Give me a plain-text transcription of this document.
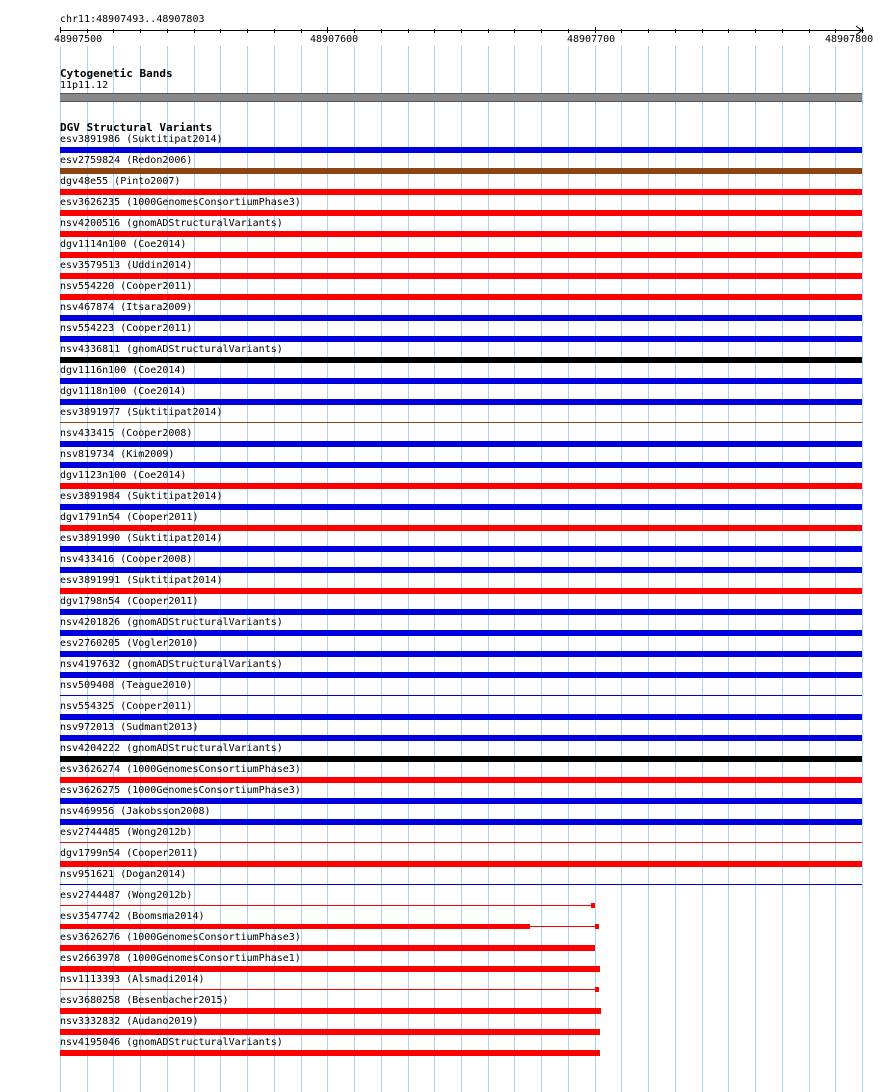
chr11:48907493..48907803
48907500	48907600	48907700	48907800
Cytogenetic Bands
11p11.12
DGV Structural Variants
esv3891986 (Suktitipat2014)
esv2759824 (Redon2006)
dgv48e55 (Pinto2007)
esv3626235 (1000GenomesConsortiumPhase3)
nsv4200516 (gnomADStructuralVariants)
dgv1114n100 (Coe2014)
esv3579513 (Uddin2014)
nsv554220 (Cooper2011)
nsv467874 (Itsara2009)
nsv554223 (Cooper2011)
nsv4336811 (gnomADStructuralVariants)
dgv1116n100 (Coe2014)
dgv1118n100 (Coe2014)
esv3891977 (Suktitipat2014)
nsv433415 (Cooper2008)
nsv819734 (Kim2009)
dgv1123n100 (Coe2014)
esv3891984 (Suktitipat2014)
dgv1791n54 (Cooper2011)
esv3891990 (Suktitipat2014)
nsv433416 (Cooper2008)
esv3891991 (Suktitipat2014)
dgv1798n54 (Cooper2011)
nsv4201826 (gnomADStructuralVariants)
esv2760205 (Vogler2010)
nsv4197632 (gnomADStructuralVariants)
nsv509408 (Teague2010)
nsv554325 (Cooper2011)
nsv972013 (Sudmant2013)
nsv4204222 (gnomADStructuralVariants)
esv3626274 (1000GenomesConsortiumPhase3)
esv3626275 (1000GenomesConsortiumPhase3)
nsv469956 (Jakobsson2008)
esv2744485 (Wong2012b)
dgv1799n54 (Cooper2011)
nsv951621 (Dogan2014)
esv2744487 (Wong2012b)
esv3547742 (Boomsma2014)
esv3626276 (1000GenomesConsortiumPhase3)
esv2663978 (1000GenomesConsortiumPhase1)
nsv1113393 (Alsmadi2014)
esv3680258 (Besenbacher2015)
nsv3332832 (Audano2019)
nsv4195046 (gnomADStructuralVariants)
